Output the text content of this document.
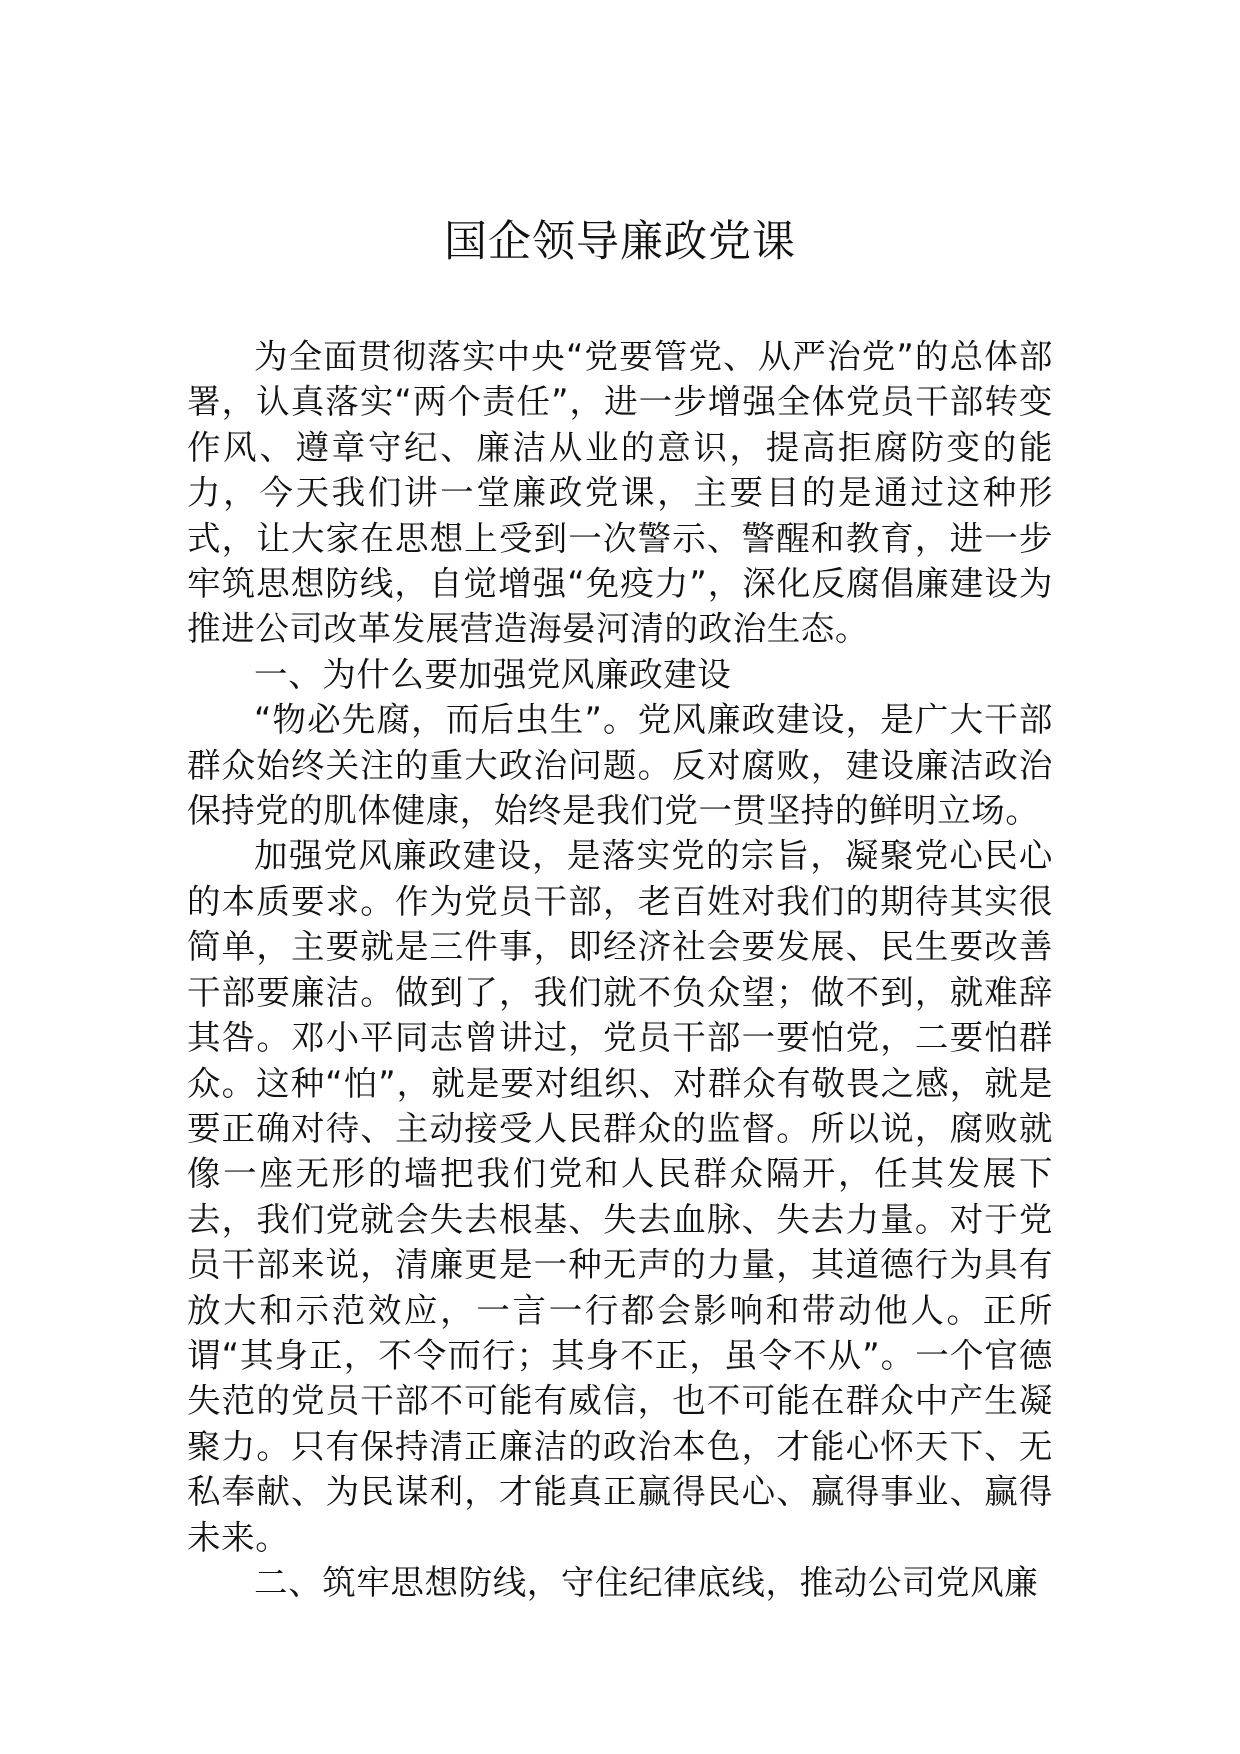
国企领导廉政党课

为全面贯彻落实中央“党要管党、从严治党”的总体部署，认真落实“两个责任”，进一步增强全体党员干部转变作风、遵章守纪、廉洁从业的意识，提高拒腐防变的能力，今天我们讲一堂廉政党课，主要目的是通过这种形式，让大家在思想上受到一次警示、警醒和教育，进一步牢筑思想防线，自觉增强“免疫力”，深化反腐倡廉建设为推进公司改革发展营造海晏河清的政治生态。

一、为什么要加强党风廉政建设

“物必先腐，而后虫生”。党风廉政建设，是广大干部群众始终关注的重大政治问题。反对腐败，建设廉洁政治保持党的肌体健康，始终是我们党一贯坚持的鲜明立场。

加强党风廉政建设，是落实党的宗旨，凝聚党心民心的本质要求。作为党员干部，老百姓对我们的期待其实很简单，主要就是三件事，即经济社会要发展、民生要改善干部要廉洁。做到了，我们就不负众望；做不到，就难辞其咎。邓小平同志曾讲过，党员干部一要怕党，二要怕群众。这种“怕”，就是要对组织、对群众有敬畏之感，就是要正确对待、主动接受人民群众的监督。所以说，腐败就像一座无形的墙把我们党和人民群众隔开，任其发展下去，我们党就会失去根基、失去血脉、失去力量。对于党员干部来说，清廉更是一种无声的力量，其道德行为具有放大和示范效应，一言一行都会影响和带动他人。正所谓“其身正，不令而行；其身不正，虽令不从”。一个官德失范的党员干部不可能有威信，也不可能在群众中产生凝聚力。只有保持清正廉洁的政治本色，才能心怀天下、无私奉献、为民谋利，才能真正赢得民心、赢得事业、赢得未来。

二、筑牢思想防线，守住纪律底线，推动公司党风廉
